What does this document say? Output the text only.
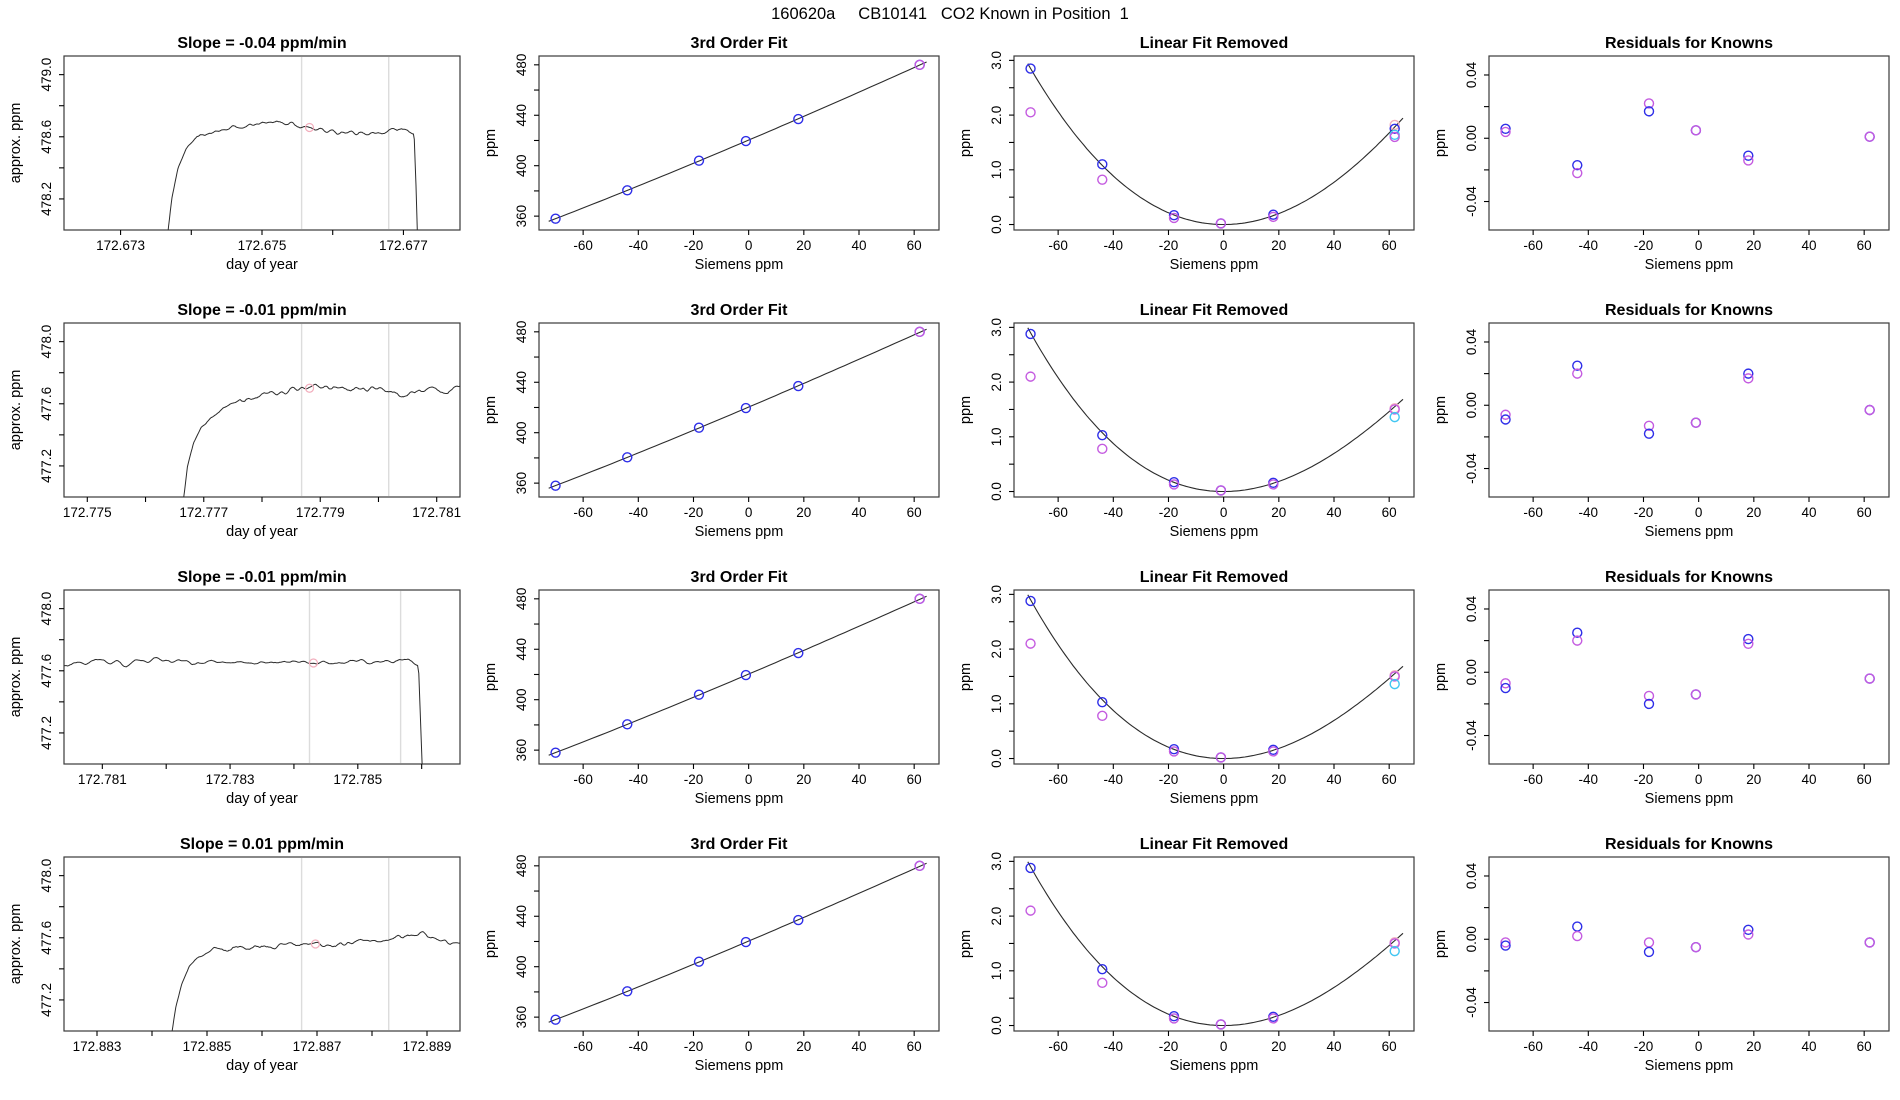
160620a     CB10141   CO2 Known in Position  1
172.673	172.675	172.677
478.2
478.6
479.0
day of year
approx. ppm
Slope = -0.04 ppm/min
-60	-40	-20	0	20	40	60
360
400
440
480
Siemens ppm
ppm
3rd Order Fit
-60	-40	-20	0	20	40	60
0.0
1.0
2.0
3.0
Siemens ppm
ppm
Linear Fit Removed
-60	-40	-20	0	20	40	60
-0.04
0.00
0.04
Siemens ppm
ppm
Residuals for Knowns
172.775	172.777	172.779	172.781
477.2
477.6
478.0
day of year
approx. ppm
Slope = -0.01 ppm/min
-60	-40	-20	0	20	40	60
360
400
440
480
Siemens ppm
ppm
3rd Order Fit
-60	-40	-20	0	20	40	60
0.0
1.0
2.0
3.0
Siemens ppm
ppm
Linear Fit Removed
-60	-40	-20	0	20	40	60
-0.04
0.00
0.04
Siemens ppm
ppm
Residuals for Knowns
172.781	172.783	172.785
477.2
477.6
478.0
day of year
approx. ppm
Slope = -0.01 ppm/min
-60	-40	-20	0	20	40	60
360
400
440
480
Siemens ppm
ppm
3rd Order Fit
-60	-40	-20	0	20	40	60
0.0
1.0
2.0
3.0
Siemens ppm
ppm
Linear Fit Removed
-60	-40	-20	0	20	40	60
-0.04
0.00
0.04
Siemens ppm
ppm
Residuals for Knowns
172.883	172.885	172.887	172.889
477.2
477.6
478.0
day of year
approx. ppm
Slope = 0.01 ppm/min
-60	-40	-20	0	20	40	60
360
400
440
480
Siemens ppm
ppm
3rd Order Fit
-60	-40	-20	0	20	40	60
0.0
1.0
2.0
3.0
Siemens ppm
ppm
Linear Fit Removed
-60	-40	-20	0	20	40	60
-0.04
0.00
0.04
Siemens ppm
ppm
Residuals for Knowns
